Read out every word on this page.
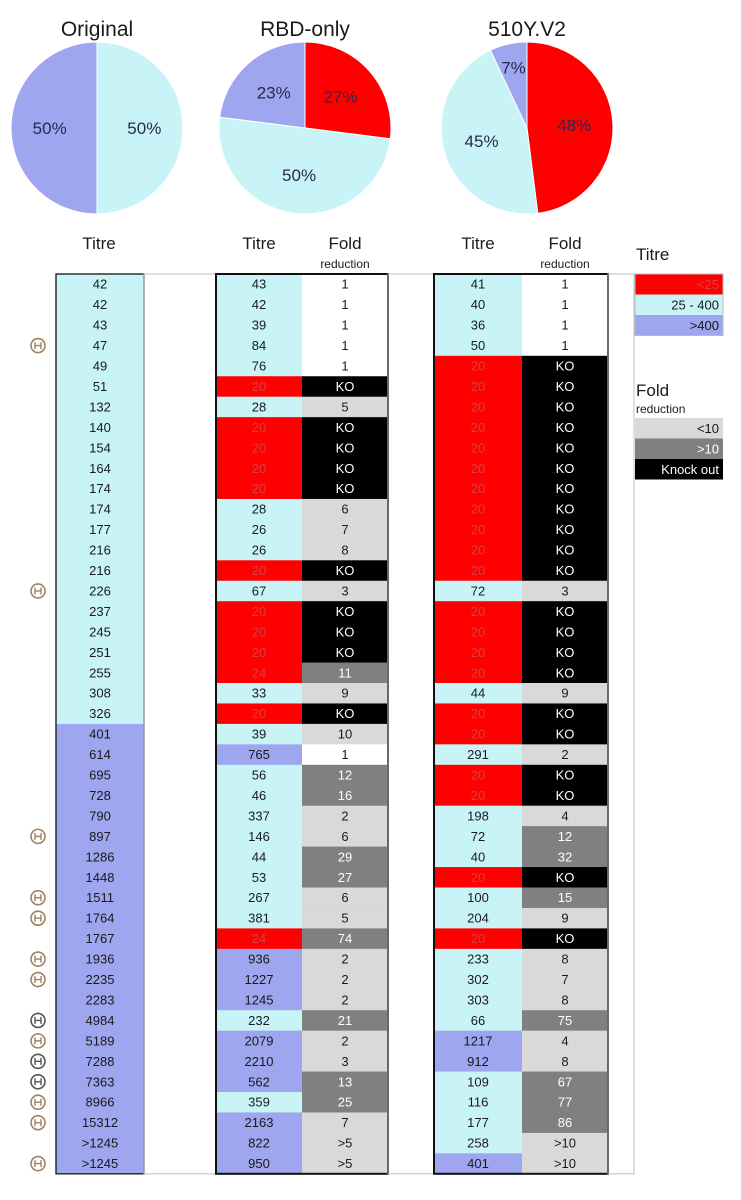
Original
50%
50%
RBD-only
27%
50%
23%
510Y.V2
48%
45%
7%
Titre	Titre	Fold
reduction
Titre	Fold
reduction
42	43	1	41	1
42	42	1	40	1
43	39	1	36	1
47	84	1	50	1
49	76	1	20	KO
51	20	KO	20	KO
132	28	5	20	KO
140	20	KO	20	KO
154	20	KO	20	KO
164	20	KO	20	KO
174	20	KO	20	KO
174	28	6	20	KO
177	26	7	20	KO
216	26	8	20	KO
216	20	KO	20	KO
226	67	3	72	3
237	20	KO	20	KO
245	20	KO	20	KO
251	20	KO	20	KO
255	24	11	20	KO
308	33	9	44	9
326	20	KO	20	KO
401	39	10	20	KO
614	765	1	291	2
695	56	12	20	KO
728	46	16	20	KO
790	337	2	198	4
897	146	6	72	12
1286	44	29	40	32
1448	53	27	20	KO
1511	267	6	100	15
1764	381	5	204	9
1767	24	74	20	KO
1936	936	2	233	8
2235	1227	2	302	7
2283	1245	2	303	8
4984	232	21	66	75
5189	2079	2	1217	4
7288	2210	3	912	8
7363	562	13	109	67
8966	359	25	116	77
15312	2163	7	177	86
>1245	822	>5	258	>10
>1245	950	>5	401	>10
Titre
<25
25 - 400
>400
Fold
reduction
<10
>10
Knock out
